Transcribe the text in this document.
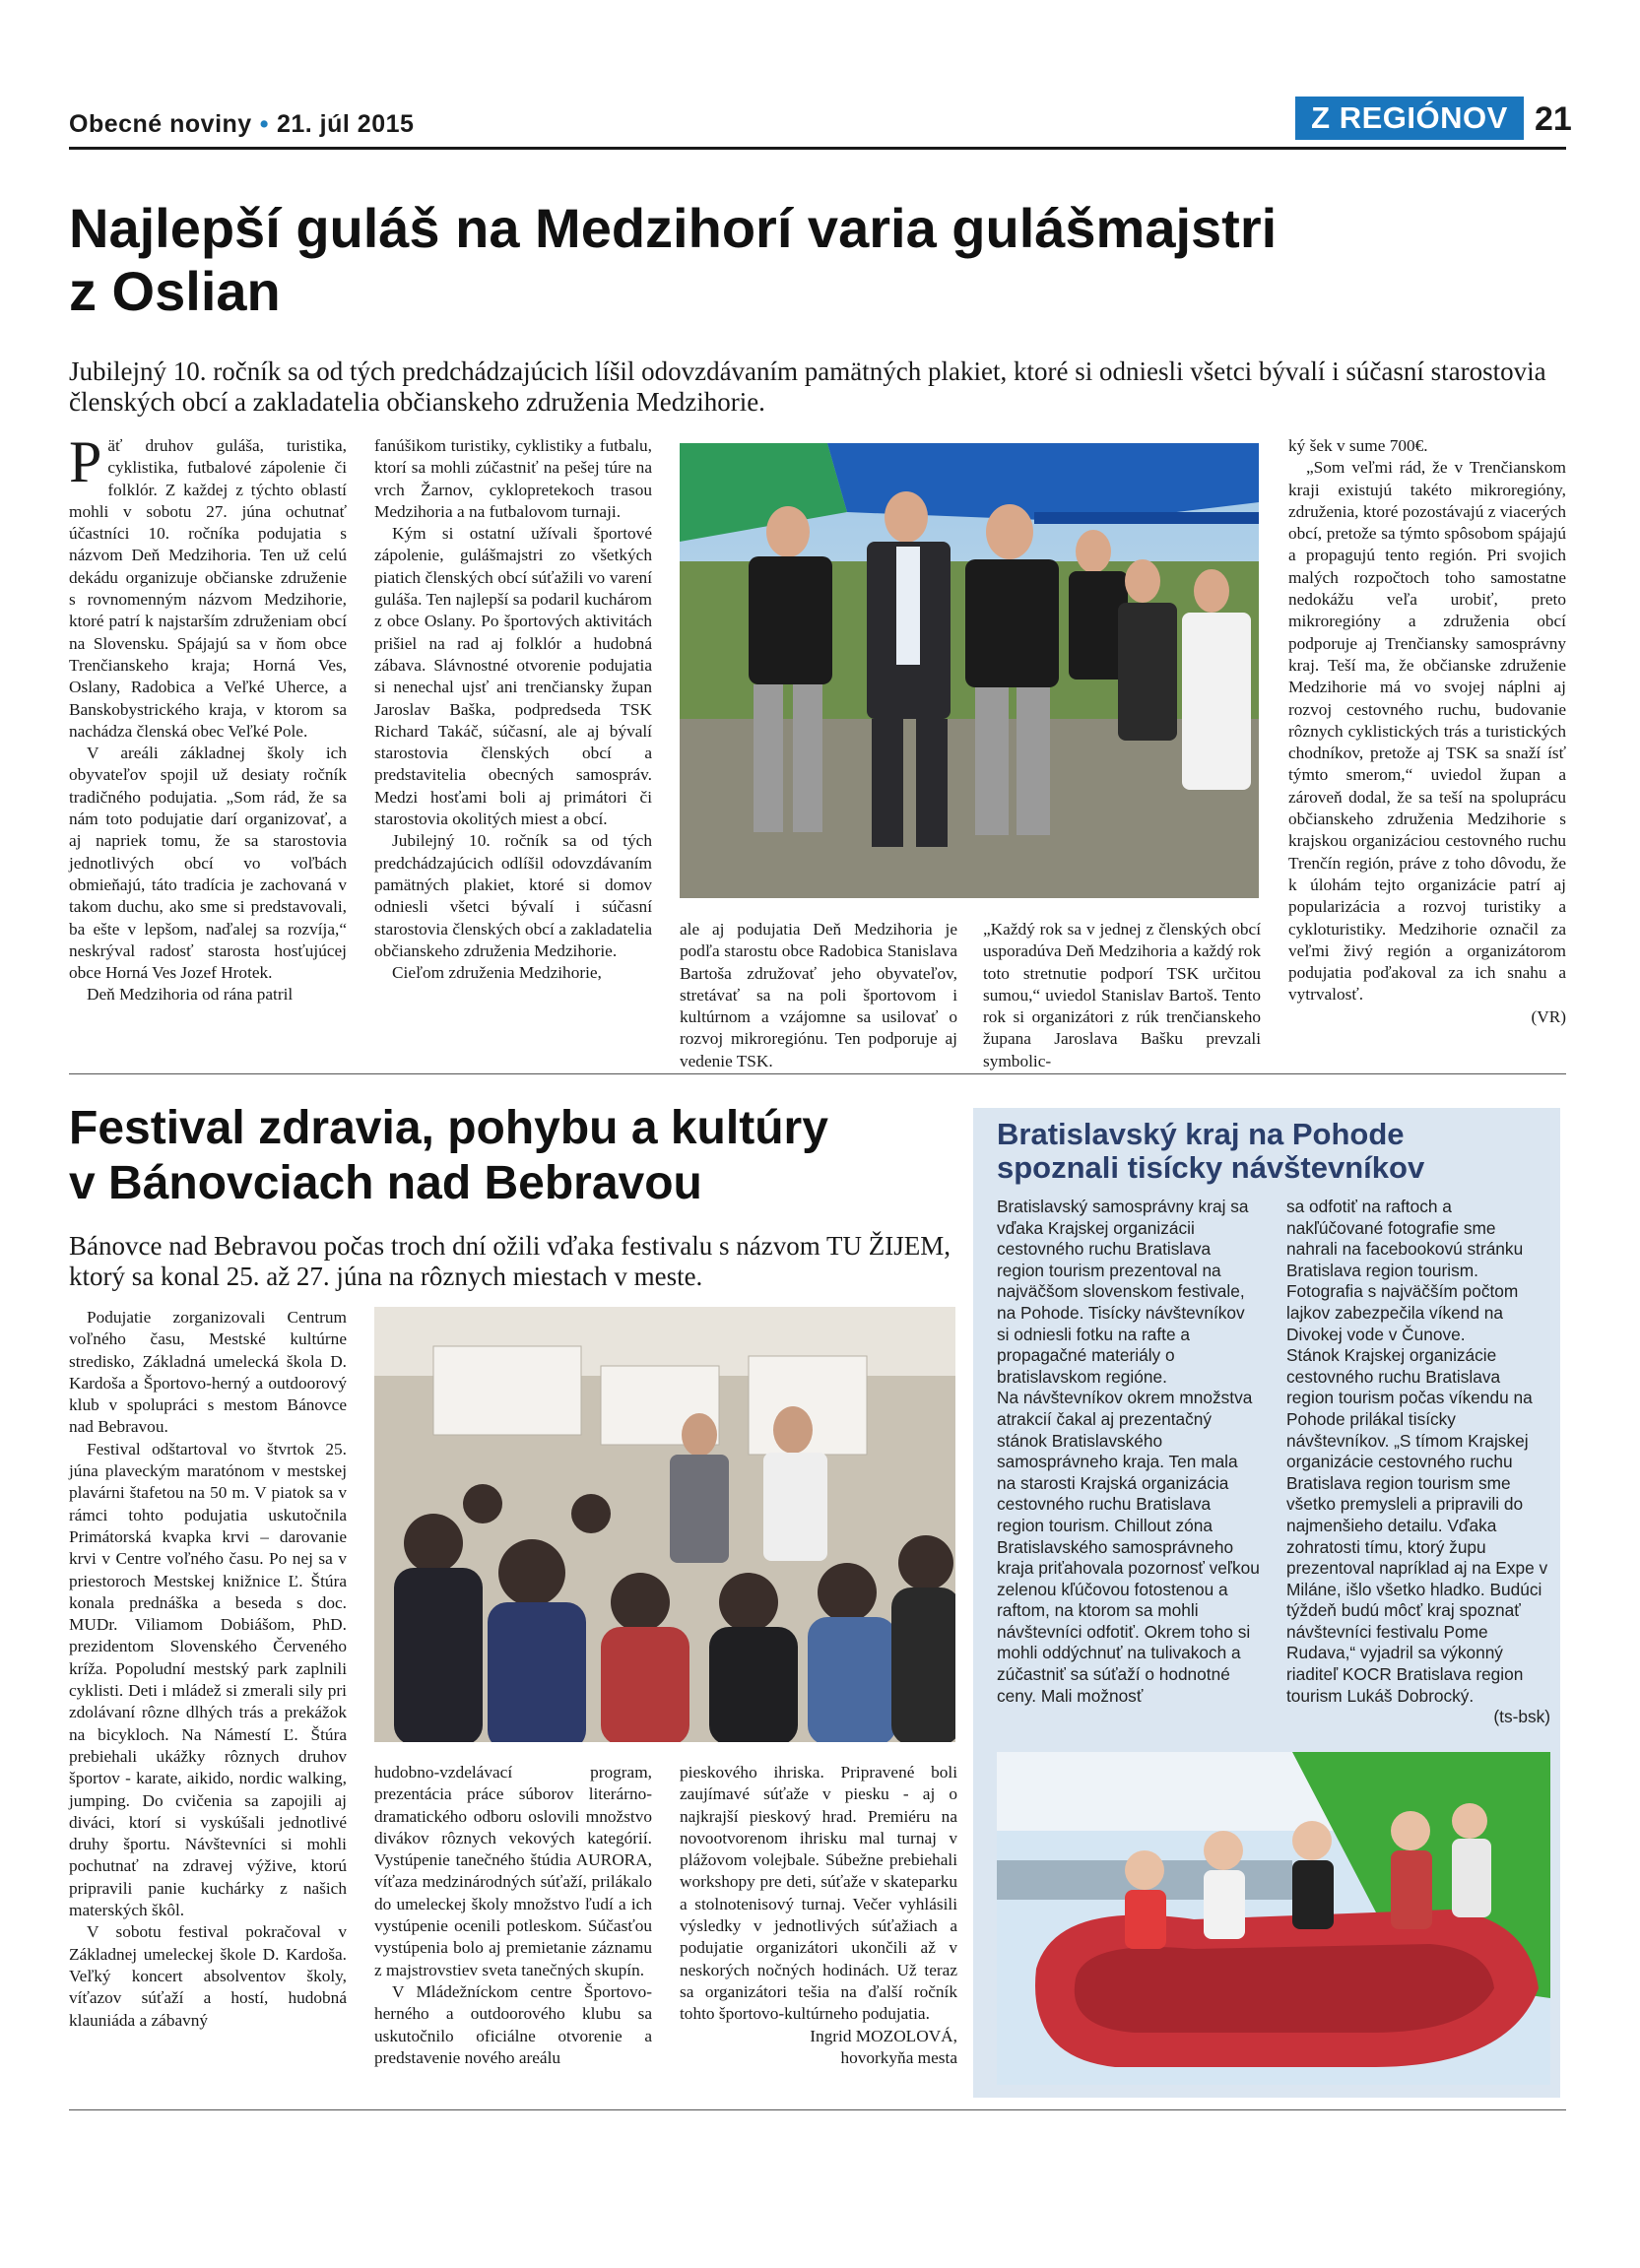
Obecné noviny • 21. júl 2015	Z REGIÓNOV 21
Najlepší guláš na Medzihorí varia gulášmajstri
z Oslian
Jubilejný 10. ročník sa od tých predchádzajúcich líšil odovzdávaním pamätných plakiet, ktoré si odniesli všetci bývalí i súčasní starostovia členských obcí a zakladatelia občianskeho združenia Medzihorie.

Päť druhov guláša, turistika, cyklistika, futbalové zápolenie či folklór. Z každej z týchto oblastí mohli v sobotu 27. júna ochutnať účastníci 10. ročníka podujatia s názvom Deň Medzihoria. Ten už celú dekádu organizuje občianske združenie s rovnomenným názvom Medzihorie, ktoré patrí k najstarším združeniam obcí na Slovensku. Spájajú sa v ňom obce Trenčianskeho kraja; Horná Ves, Oslany, Radobica a Veľké Uherce, a Banskobystrického kraja, v ktorom sa nachádza členská obec Veľké Pole.

V areáli základnej školy ich obyvateľov spojil už desiaty ročník tradičného podujatia. „Som rád, že sa nám toto podujatie darí organizovať, a aj napriek tomu, že sa starostovia jednotlivých obcí vo voľbách obmieňajú, táto tradícia je zachovaná v takom duchu, ako sme si predstavovali, ba ešte v lepšom, naďalej sa rozvíja,“ neskrýval radosť starosta hosťujúcej obce Horná Ves Jozef Hrotek.

Deň Medzihoria od rána patril

fanúšikom turistiky, cyklistiky a futbalu, ktorí sa mohli zúčastniť na pešej túre na vrch Žarnov, cyklopretekoch trasou Medzihoria a na futbalovom turnaji.

Kým si ostatní užívali športové zápolenie, gulášmajstri zo všetkých piatich členských obcí súťažili vo varení guláša. Ten najlepší sa podaril kuchárom z obce Oslany. Po športových aktivitách prišiel na rad aj folklór a hudobná zábava. Slávnostné otvorenie podujatia si nenechal ujsť ani trenčiansky župan Jaroslav Baška, podpredseda TSK Richard Takáč, súčasní, ale aj bývalí starostovia členských obcí a predstavitelia obecných samospráv. Medzi hosťami boli aj primátori či starostovia okolitých miest a obcí.

Jubilejný 10. ročník sa od tých predchádzajúcich odlíšil odovzdávaním pamätných plakiet, ktoré si domov odniesli všetci bývalí i súčasní starostovia členských obcí a zakladatelia občianskeho združenia Medzihorie.

Cieľom združenia Medzihorie,

ale aj podujatia Deň Medzihoria je podľa starostu obce Radobica Stanislava Bartoša združovať jeho obyvateľov, stretávať sa na poli športovom i kultúrnom a vzájomne sa usilovať o rozvoj mikroregiónu. Ten podporuje aj vedenie TSK.

„Každý rok sa v jednej z členských obcí usporadúva Deň Medzihoria a každý rok toto stretnutie podporí TSK určitou sumou,“ uviedol Stanislav Bartoš. Tento rok si organizátori z rúk trenčianskeho župana Jaroslava Bašku prevzali symbolic-

ký šek v sume 700€.

„Som veľmi rád, že v Trenčianskom kraji existujú takéto mikroregióny, združenia, ktoré pozostávajú z viacerých obcí, pretože sa týmto spôsobom spájajú a propagujú tento región. Pri svojich malých rozpočtoch toho samostatne nedokážu veľa urobiť, preto mikroregióny a združenia obcí podporuje aj Trenčiansky samosprávny kraj. Teší ma, že občianske združenie Medzihorie má vo svojej náplni aj rozvoj cestovného ruchu, budovanie rôznych cyklistických trás a turistických chodníkov, pretože aj TSK sa snaží ísť týmto smerom,“ uviedol župan a zároveň dodal, že sa teší na spoluprácu občianskeho združenia Medzihorie s krajskou organizáciou cestovného ruchu Trenčín región, práve z toho dôvodu, že k úlohám tejto organizácie patrí aj popularizácia a rozvoj turistiky a cykloturistiky. Medzihorie označil za veľmi živý región a organizátorom podujatia poďakoval za ich snahu a vytrvalosť.

(VR)

Festival zdravia, pohybu a kultúry
v Bánovciach nad Bebravou
Bánovce nad Bebravou počas troch dní ožili vďaka festivalu s názvom TU ŽIJEM, ktorý sa konal 25. až 27. júna na rôznych miestach v meste.

Podujatie zorganizovali Centrum voľného času, Mestské kultúrne stredisko, Základná umelecká škola D. Kardoša a Športovo-herný a outdoorový klub v spolupráci s mestom Bánovce nad Bebravou.

Festival odštartoval vo štvrtok 25. júna plaveckým maratónom v mestskej plavárni štafetou na 50 m. V piatok sa v rámci tohto podujatia uskutočnila Primátorská kvapka krvi – darovanie krvi v Centre voľného času. Po nej sa v priestoroch Mestskej knižnice Ľ. Štúra konala prednáška a beseda s doc. MUDr. Viliamom Dobiášom, PhD. prezidentom Slovenského Červeného kríža. Popoludní mestský park zaplnili cyklisti. Deti i mládež si zmerali sily pri zdolávaní rôzne dlhých trás a prekážok na bicykloch. Na Námestí Ľ. Štúra prebiehali ukážky rôznych druhov športov - karate, aikido, nordic walking, jumping. Do cvičenia sa zapojili aj diváci, ktorí si vyskúšali jednotlivé druhy športu. Návštevníci si mohli pochutnať na zdravej výžive, ktorú pripravili panie kuchárky z našich materských škôl.

V sobotu festival pokračoval v Základnej umeleckej škole D. Kardoša. Veľký koncert absolventov školy, víťazov súťaží a hostí, hudobná klauniáda a zábavný

hudobno-vzdelávací program, prezentácia práce súborov literárno-dramatického odboru oslovili množstvo divákov rôznych vekových kategórií. Vystúpenie tanečného štúdia AURORA, víťaza medzinárodných súťaží, prilákalo do umeleckej školy množstvo ľudí a ich vystúpenie ocenili potleskom. Súčasťou vystúpenia bolo aj premietanie záznamu z majstrovstiev sveta tanečných skupín.

V Mládežníckom centre Športovo-herného a outdoorového klubu sa uskutočnilo oficiálne otvorenie a predstavenie nového areálu

pieskového ihriska. Pripravené boli zaujímavé súťaže v piesku - aj o najkrajší pieskový hrad. Premiéru na novootvorenom ihrisku mal turnaj v plážovom volejbale. Súbežne prebiehali workshopy pre deti, súťaže v skateparku a stolnotenisový turnaj. Večer vyhlásili výsledky v jednotlivých súťažiach a podujatie organizátori ukončili až v neskorých nočných hodinách. Už teraz sa organizátori tešia na ďalší ročník tohto športovo-kultúrneho podujatia.

Ingrid MOZOLOVÁ,

hovorkyňa mesta

Bratislavský kraj na Pohode
spoznali tisícky návštevníkov

Bratislavský samosprávny kraj sa vďaka Krajskej organizácii cestovného ruchu Bratislava region tourism prezentoval na najväčšom slovenskom festivale, na Pohode. Tisícky návštevníkov si odniesli fotku na rafte a propagačné materiály o bratislavskom regióne.

Na návštevníkov okrem množstva atrakcií čakal aj prezentačný stánok Bratislavského samosprávneho kraja. Ten mala na starosti Krajská organizácia cestovného ruchu Bratislava region tourism. Chillout zóna Bratislavského samosprávneho kraja priťahovala pozornosť veľkou zelenou kľúčovou fotostenou a raftom, na ktorom sa mohli návštevníci odfotiť. Okrem toho si mohli oddýchnuť na tulivakoch a zúčastniť sa súťaží o hodnotné ceny. Mali možnosť

sa odfotiť na raftoch a nakľúčované fotografie sme nahrali na facebookovú stránku Bratislava region tourism. Fotografia s najväčším počtom lajkov zabezpečila víkend na Divokej vode v Čunove.

Stánok Krajskej organizácie cestovného ruchu Bratislava region tourism počas víkendu na Pohode prilákal tisícky návštevníkov. „S tímom Krajskej organizácie cestovného ruchu Bratislava region tourism sme všetko premysleli a pripravili do najmenšieho detailu. Vďaka zohratosti tímu, ktorý župu prezentoval napríklad aj na Expe v Miláne, išlo všetko hladko. Budúci týždeň budú môcť kraj spoznať návštevníci festivalu Pome Rudava,“ vyjadril sa výkonný riaditeľ KOCR Bratislava region tourism Lukáš Dobrocký.

(ts-bsk)
